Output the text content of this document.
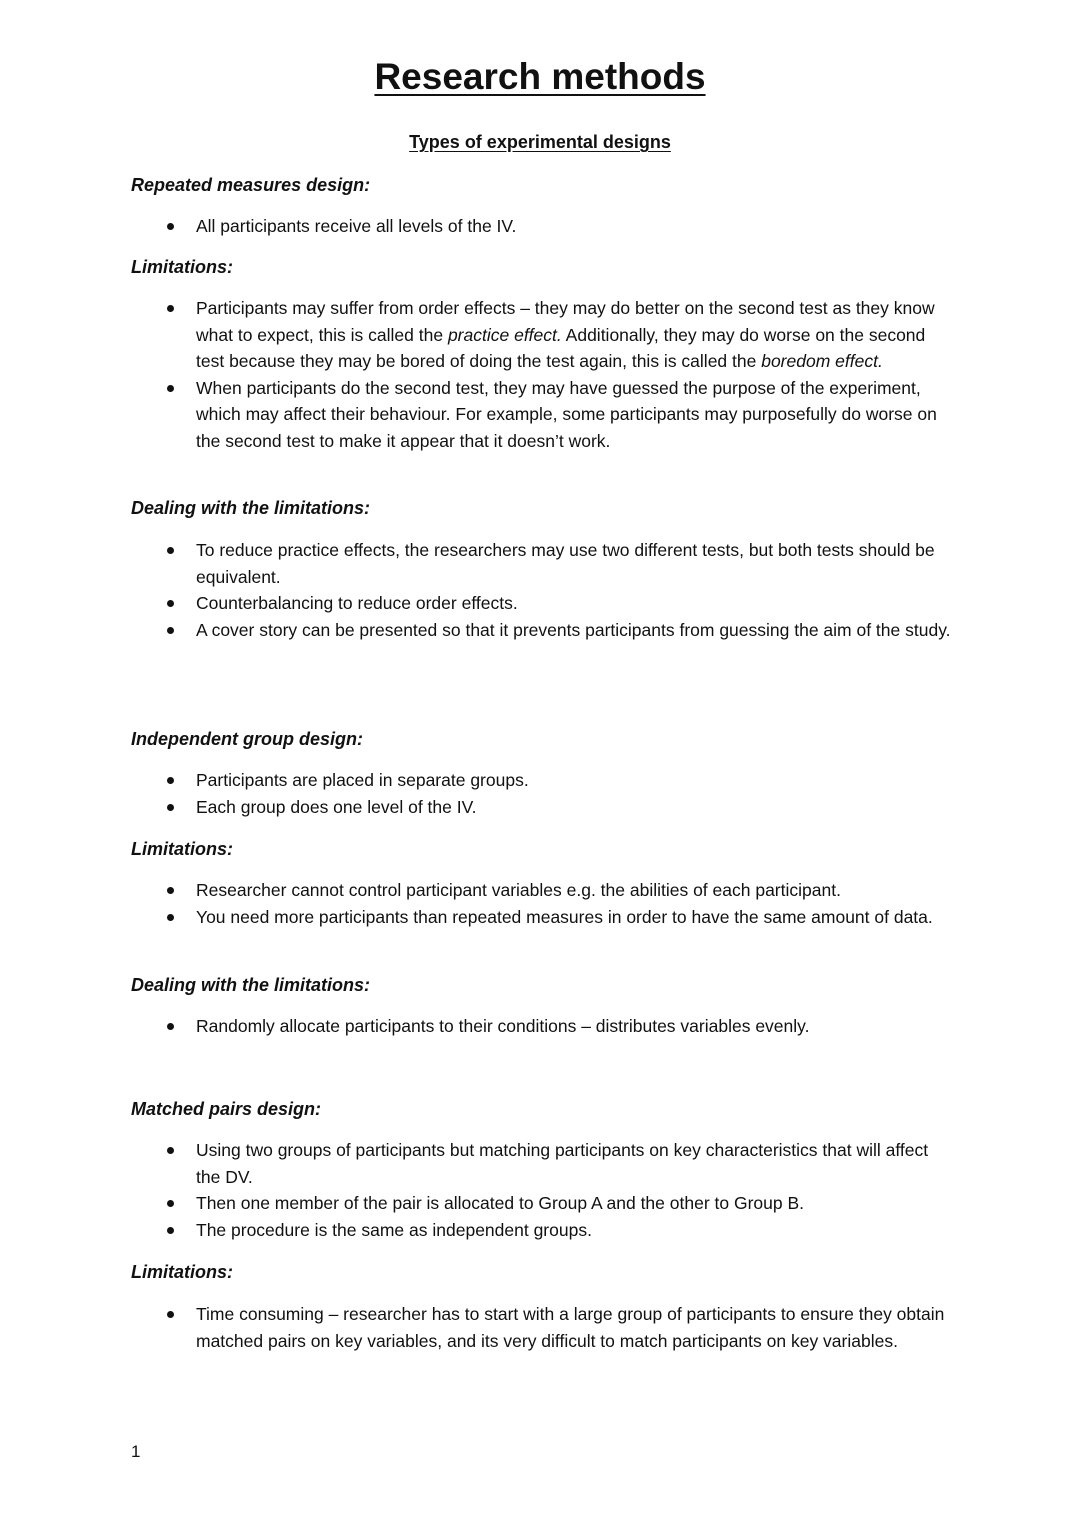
Research methods
Types of experimental designs
Repeated measures design:
All participants receive all levels of the IV.
Limitations:
Participants may suffer from order effects – they may do better on the second test as they know what to expect, this is called the practice effect. Additionally, they may do worse on the second test because they may be bored of doing the test again, this is called the boredom effect.
When participants do the second test, they may have guessed the purpose of the experiment, which may affect their behaviour. For example, some participants may purposefully do worse on the second test to make it appear that it doesn’t work.
Dealing with the limitations:
To reduce practice effects, the researchers may use two different tests, but both tests should be equivalent.
Counterbalancing to reduce order effects.
A cover story can be presented so that it prevents participants from guessing the aim of the study.
Independent group design:
Participants are placed in separate groups.
Each group does one level of the IV.
Limitations:
Researcher cannot control participant variables e.g. the abilities of each participant.
You need more participants than repeated measures in order to have the same amount of data.
Dealing with the limitations:
Randomly allocate participants to their conditions – distributes variables evenly.
Matched pairs design:
Using two groups of participants but matching participants on key characteristics that will affect the DV.
Then one member of the pair is allocated to Group A and the other to Group B.
The procedure is the same as independent groups.
Limitations:
Time consuming – researcher has to start with a large group of participants to ensure they obtain matched pairs on key variables, and its very difficult to match participants on key variables.
1
